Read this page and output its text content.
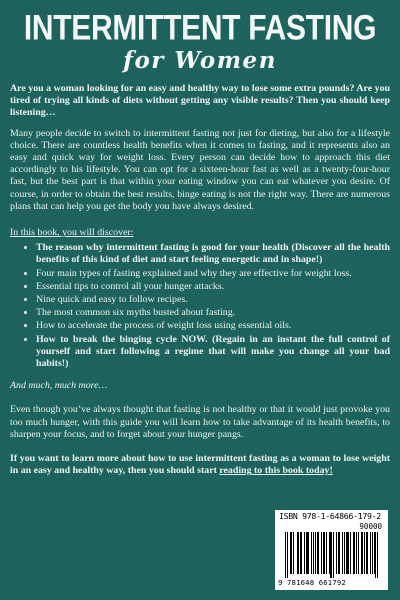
INTERMITTENT FASTING
for Women

Are you a woman looking for an easy and healthy way to lose some extra pounds? Are you tired of trying all kinds of diets without getting any visible results? Then you should keep listening…

Many people decide to switch to intermittent fasting not just for dieting, but also for a lifestyle choice. There are countless health benefits when it comes to fasting, and it represents also an easy and quick way for weight loss. Every person can decide how to approach this diet accordingly to his lifestyle. You can opt for a sixteen-hour fast as well as a twenty-four-hour fast, but the best part is that within your eating window you can eat whatever you desire. Of course, in order to obtain the best results, binge eating is not the right way. There are numerous plans that can help you get the body you have always desired.

In this book, you will discover:

• The reason why intermittent fasting is good for your health (Discover all the health benefits of this kind of diet and start feeling energetic and in shape!)
• Four main types of fasting explained and why they are effective for weight loss.
• Essential tips to control all your hunger attacks.
• Nine quick and easy to follow recipes.
• The most common six myths busted about fasting.
• How to accelerate the process of weight loss using essential oils.
• How to break the binging cycle NOW. (Regain in an instant the full control of yourself and start following a regime that will make you change all your bad habits!)

And much, much more…

Even though you’ve always thought that fasting is not healthy or that it would just provoke you too much hunger, with this guide you will learn how to take advantage of its health benefits, to sharpen your focus, and to forget about your hunger pangs.

If you want to learn more about how to use intermittent fasting as a woman to lose weight in an easy and healthy way, then you should start reading to this book today!

ISBN 978-1-64866-179-2
90000
9 781648 661792
